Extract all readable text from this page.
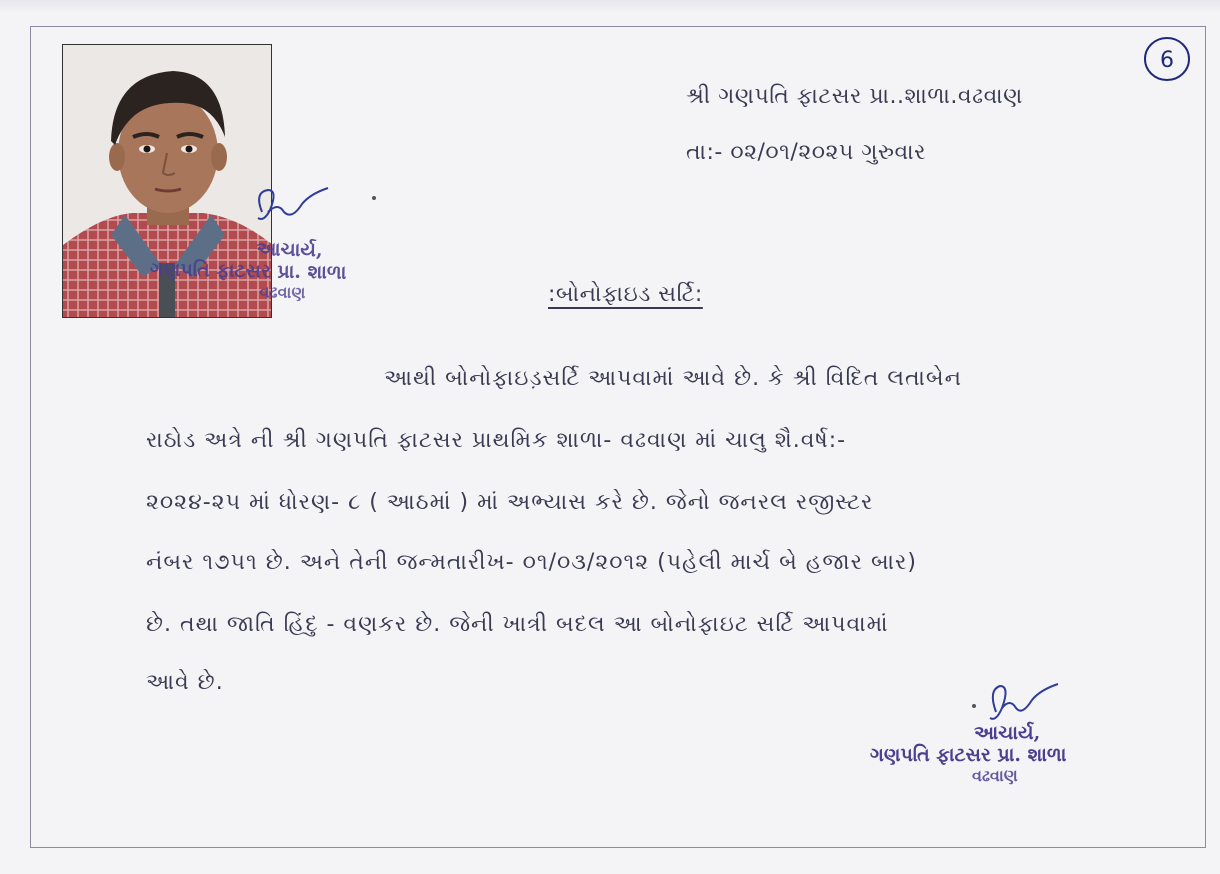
6
શ્રી ગણપતિ ફાટસર પ્રા..શાળા.વઢવાણ
તા:- ૦૨/૦૧/૨૦૨૫ ગુરુવાર
આચાર્ય,
ગણપતિ ફાટસર પ્રા. શાળા
વઢવાણ	:બોનોફાઇડ સર્ટિ:
આથી બોનોફાઇડ઼સર્ટિ આપવામાં આવે છે. કે શ્રી વિદિત લતાબેન
રાઠોડ અત્રે ની શ્રી ગણપતિ ફાટસર પ્રાથમિક શાળા- વઢવાણ માં ચાલુ શૈ.વર્ષ:-
૨૦૨૪-૨૫ માં ધોરણ- ૮ ( આઠમાં ) માં અભ્યાસ કરે છે. જેનો જનરલ રજીસ્ટર
નંબર ૧૭૫૧ છે. અને તેની જન્મતારીખ- ૦૧/૦૩/૨૦૧૨ (પહેલી માર્ચ બે હજાર બાર)
છે. તથા જાતિ હિંદુ - વણકર છે. જેની ખાત્રી બદલ આ બોનોફાઇટ સર્ટિ આપવામાં
આવે છે.
આચાર્ય,
ગણપતિ ફાટસર પ્રા. શાળા
વઢવાણ
